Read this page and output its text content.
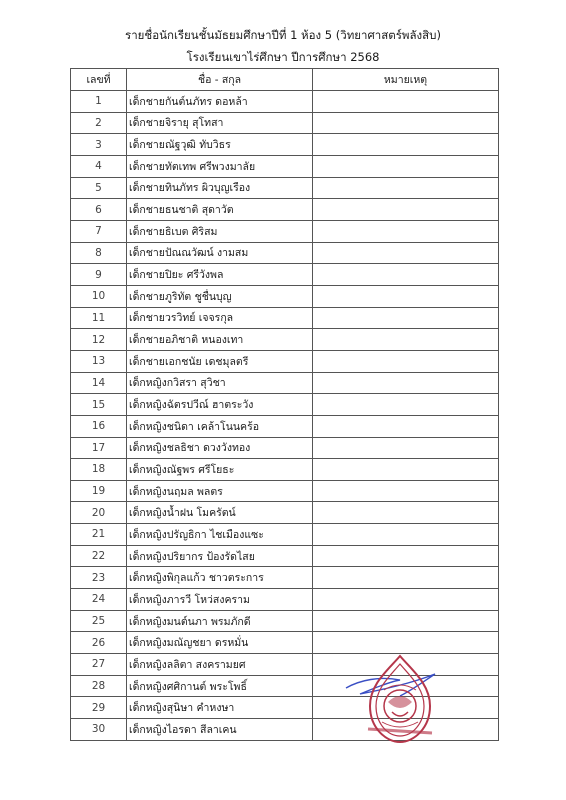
รายชื่อนักเรียนชั้นมัธยมศึกษาปีที่ 1 ห้อง 5 (วิทยาศาสตร์พลังสิบ)
โรงเรียนเขาไร่ศึกษา ปีการศึกษา 2568
เลขที่	ชื่อ - สกุล	หมายเหตุ
1	เด็กชายกันต์นภัทร ดอหล้า	
2	เด็กชายจิรายุ สุโทสา	
3	เด็กชายณัฐวุฒิ ทับวิธร	
4	เด็กชายทัตเทพ ศรีพวงมาลัย	
5	เด็กชายทินภัทร ผิวบุญเรือง	
6	เด็กชายธนชาติ สุดาวัต	
7	เด็กชายธิเบต ศิริสม	
8	เด็กชายปัณณวัฒน์ งามสม	
9	เด็กชายปิยะ ศรีวังพล	
10	เด็กชายภูริทัต ชูชื่นบุญ	
11	เด็กชายวรวิทย์ เจจรกุล	
12	เด็กชายอภิชาติ หนองเทา	
13	เด็กชายเอกชนัย เดชมุลตรี	
14	เด็กหญิงกวิสรา สุวิชา	
15	เด็กหญิงฉัตรปวีณ์ ฮาตระวัง	
16	เด็กหญิงชนิดา เคล้าโนนคร้อ	
17	เด็กหญิงชลธิชา ดวงวังทอง	
18	เด็กหญิงณัฐพร ศรีโยธะ	
19	เด็กหญิงนฤมล พลตร	
20	เด็กหญิงน้ำฝน โมครัตน์	
21	เด็กหญิงปรัญธิกา ไชเมืองแซะ	
22	เด็กหญิงปริยากร ป้องรัดไสย	
23	เด็กหญิงพิกุลแก้ว ชาวตระการ	
24	เด็กหญิงภารวี โหว่สงคราม	
25	เด็กหญิงมนต์นภา พรมภักดี	
26	เด็กหญิงมณัญชยา ดรหมั่น	
27	เด็กหญิงลลิตา สงครามยศ	
28	เด็กหญิงศศิกานต์ พระโพธิ์	
29	เด็กหญิงสุนิษา คำหงษา	
30	เด็กหญิงไอรดา สีลาเคน	
